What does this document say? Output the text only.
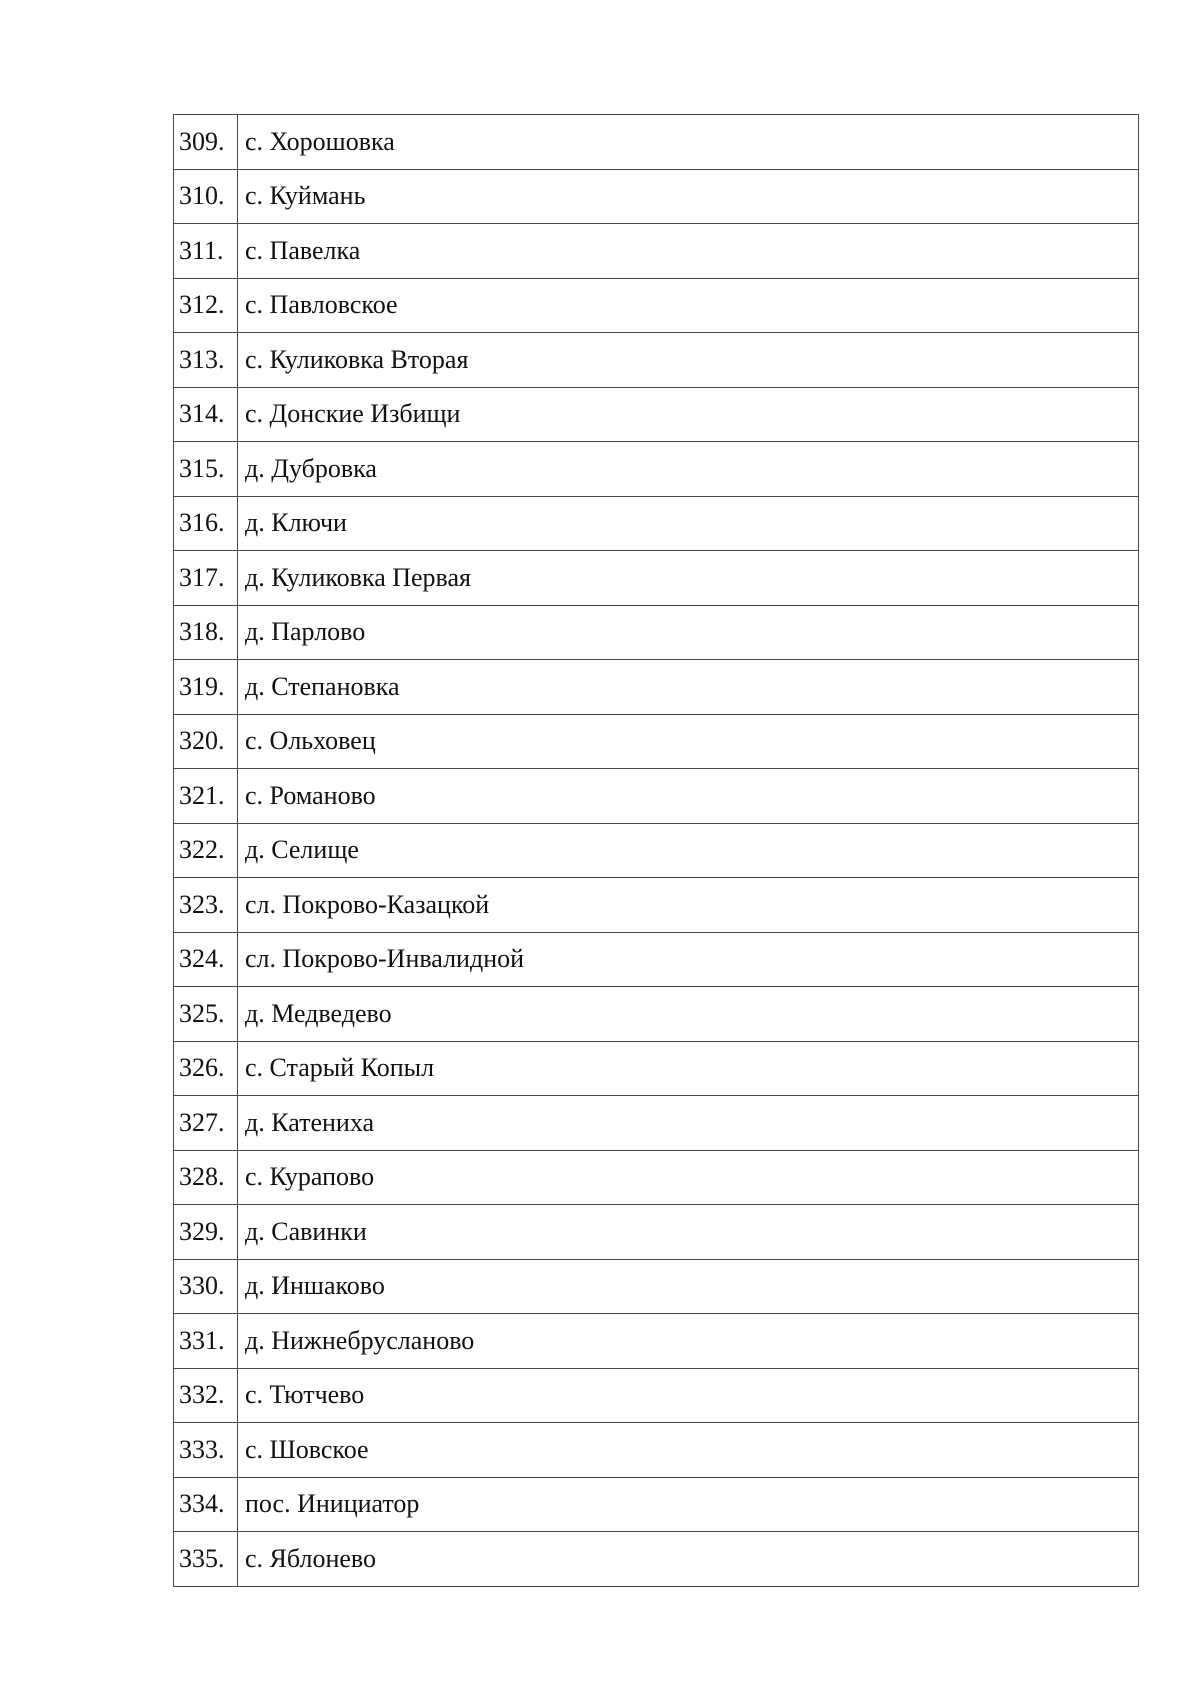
309.	с. Хорошовка
310.	с. Куймань
311.	с. Павелка
312.	с. Павловское
313.	с. Куликовка Вторая
314.	с. Донские Избищи
315.	д. Дубровка
316.	д. Ключи
317.	д. Куликовка Первая
318.	д. Парлово
319.	д. Степановка
320.	с. Ольховец
321.	с. Романово
322.	д. Селище
323.	сл. Покрово-Казацкой
324.	сл. Покрово-Инвалидной
325.	д. Медведево
326.	с. Старый Копыл
327.	д. Катениха
328.	с. Курапово
329.	д. Савинки
330.	д. Иншаково
331.	д. Нижнебрусланово
332.	с. Тютчево
333.	с. Шовское
334.	пос. Инициатор
335.	с. Яблонево
